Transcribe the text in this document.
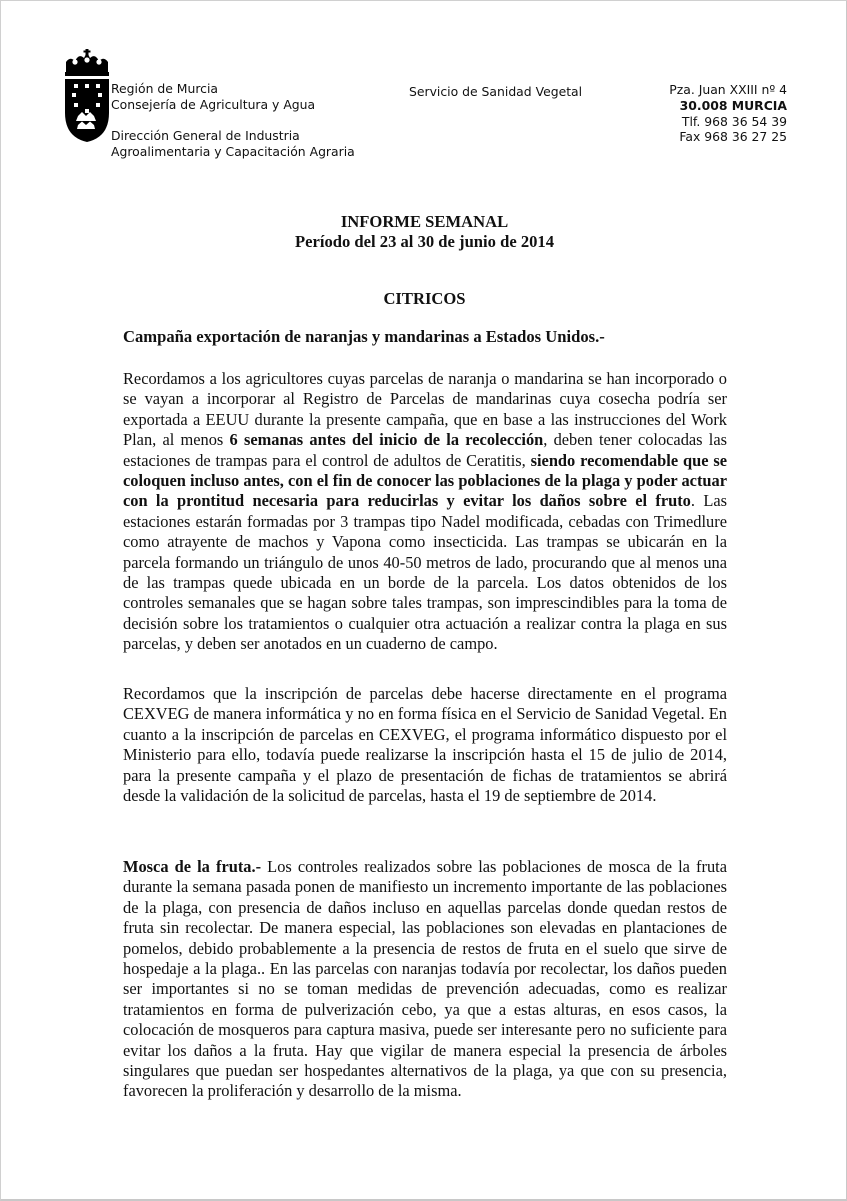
Región de Murcia
Consejería de Agricultura y Agua
Dirección General de Industria
Agroalimentaria y Capacitación Agraria
Servicio de Sanidad Vegetal	Pza. Juan XXIII nº 4
30.008 MURCIA
Tlf. 968 36 54 39
Fax 968 36 27 25
INFORME SEMANAL
Período del 23 al 30 de junio de 2014
CITRICOS
Campaña exportación de naranjas y mandarinas a Estados Unidos.-
Recordamos a los agricultores cuyas parcelas de naranja o mandarina se han incorporado o se vayan a incorporar al Registro de Parcelas de mandarinas cuya cosecha podría ser exportada a EEUU durante la presente campaña, que en base a las instrucciones del Work Plan, al menos 6 semanas antes del inicio de la recolección, deben tener colocadas las estaciones de trampas para el control de adultos de Ceratitis, siendo recomendable que se coloquen incluso antes, con el fin de conocer las poblaciones de la plaga y poder actuar con la prontitud necesaria para reducirlas y evitar los daños sobre el fruto. Las estaciones estarán formadas por 3 trampas tipo Nadel modificada, cebadas con Trimedlure como atrayente de machos y Vapona como insecticida. Las trampas se ubicarán en la parcela formando un triángulo de unos 40-50 metros de lado, procurando que al menos una de las trampas quede ubicada en un borde de la parcela. Los datos obtenidos de los controles semanales que se hagan sobre tales trampas, son imprescindibles para la toma de decisión sobre los tratamientos o cualquier otra actuación a realizar contra la plaga en sus parcelas, y deben ser anotados en un cuaderno de campo.
Recordamos que la inscripción de parcelas debe hacerse directamente en el programa CEXVEG de manera informática y no en forma física en el Servicio de Sanidad Vegetal. En cuanto a la inscripción de parcelas en CEXVEG, el programa informático dispuesto por el Ministerio para ello, todavía puede realizarse la inscripción hasta el 15 de julio de 2014, para la presente campaña y el plazo de presentación de fichas de tratamientos se abrirá desde la validación de la solicitud de parcelas, hasta el 19 de septiembre de 2014.
Mosca de la fruta.- Los controles realizados sobre las poblaciones de mosca de la fruta durante la semana pasada ponen de manifiesto un incremento importante de las poblaciones de la plaga, con presencia de daños incluso en aquellas parcelas donde quedan restos de fruta sin recolectar. De manera especial, las poblaciones son elevadas en plantaciones de pomelos, debido probablemente a la presencia de restos de fruta en el suelo que sirve de hospedaje a la plaga.. En las parcelas con naranjas todavía por recolectar, los daños pueden ser importantes si no se toman medidas de prevención adecuadas, como es realizar tratamientos en forma de pulverización cebo, ya que a estas alturas, en esos casos, la colocación de mosqueros para captura masiva, puede ser interesante pero no suficiente para evitar los daños a la fruta. Hay que vigilar de manera especial la presencia de árboles singulares que puedan ser hospedantes alternativos de la plaga, ya que con su presencia, favorecen la proliferación y desarrollo de la misma.
